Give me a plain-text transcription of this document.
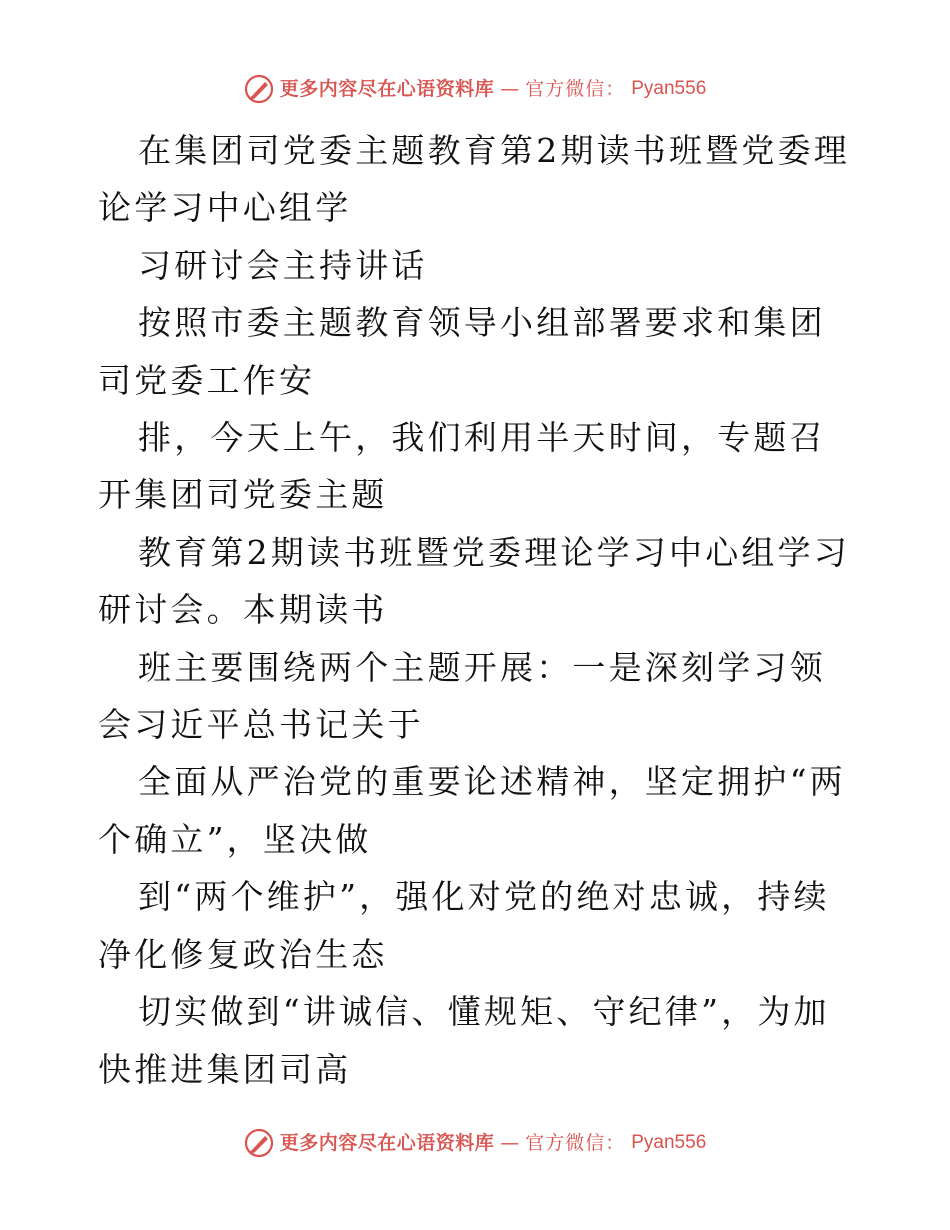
更多内容尽在心语资料库 — 官方微信： Pyan556

在集团司党委主题教育第2期读书班暨党委理论学习中心组学

习研讨会主持讲话

按照市委主题教育领导小组部署要求和集团司党委工作安

排，今天上午，我们利用半天时间，专题召开集团司党委主题

教育第2期读书班暨党委理论学习中心组学习研讨会。本期读书

班主要围绕两个主题开展：一是深刻学习领会习近平总书记关于

全面从严治党的重要论述精神，坚定拥护“两个确立”，坚决做

到“两个维护”，强化对党的绝对忠诚，持续净化修复政治生态

切实做到“讲诚信、懂规矩、守纪律”，为加快推进集团司高

更多内容尽在心语资料库 — 官方微信： Pyan556
